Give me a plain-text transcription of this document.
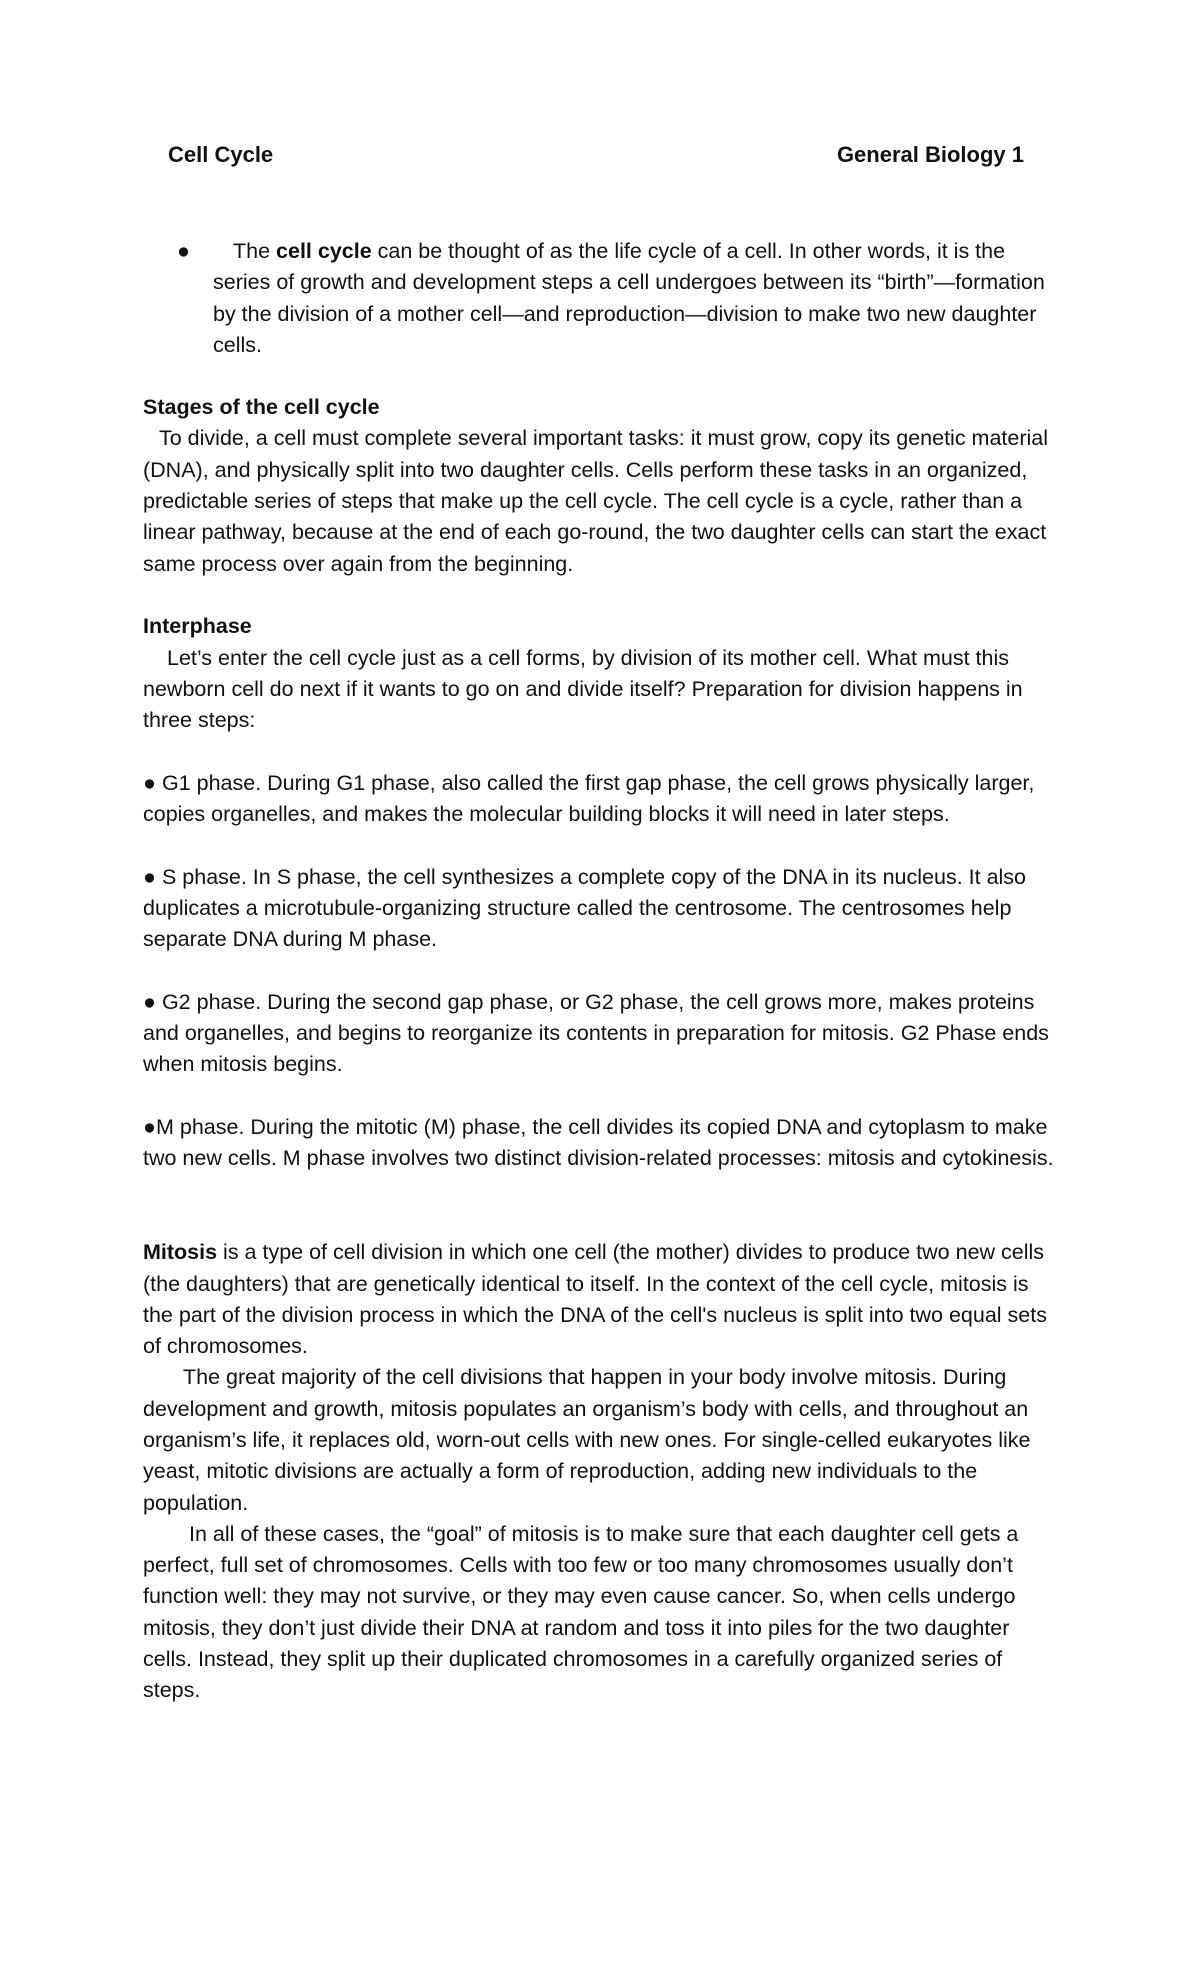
Cell Cycle	General Biology 1
●	The cell cycle can be thought of as the life cycle of a cell. In other words, it is the series of growth and development steps a cell undergoes between its “birth”—formation by the division of a mother cell—and reproduction—division to make two new daughter cells.

Stages of the cell cycle

To divide, a cell must complete several important tasks: it must grow, copy its genetic material (DNA), and physically split into two daughter cells. Cells perform these tasks in an organized, predictable series of steps that make up the cell cycle. The cell cycle is a cycle, rather than a linear pathway, because at the end of each go-round, the two daughter cells can start the exact same process over again from the beginning.

Interphase

Let’s enter the cell cycle just as a cell forms, by division of its mother cell. What must this newborn cell do next if it wants to go on and divide itself? Preparation for division happens in three steps:

● G1 phase. During G1 phase, also called the first gap phase, the cell grows physically larger, copies organelles, and makes the molecular building blocks it will need in later steps.

● S phase. In S phase, the cell synthesizes a complete copy of the DNA in its nucleus. It also duplicates a microtubule-organizing structure called the centrosome. The centrosomes help separate DNA during M phase.

● G2 phase. During the second gap phase, or G2 phase, the cell grows more, makes proteins and organelles, and begins to reorganize its contents in preparation for mitosis. G2 Phase ends when mitosis begins.

●M phase. During the mitotic (M) phase, the cell divides its copied DNA and cytoplasm to make two new cells. M phase involves two distinct division-related processes: mitosis and cytokinesis.

Mitosis is a type of cell division in which one cell (the mother) divides to produce two new cells (the daughters) that are genetically identical to itself. In the context of the cell cycle, mitosis is the part of the division process in which the DNA of the cell's nucleus is split into two equal sets of chromosomes.

The great majority of the cell divisions that happen in your body involve mitosis. During development and growth, mitosis populates an organism’s body with cells, and throughout an organism’s life, it replaces old, worn-out cells with new ones. For single-celled eukaryotes like yeast, mitotic divisions are actually a form of reproduction, adding new individuals to the population.

In all of these cases, the “goal” of mitosis is to make sure that each daughter cell gets a perfect, full set of chromosomes. Cells with too few or too many chromosomes usually don’t function well: they may not survive, or they may even cause cancer. So, when cells undergo mitosis, they don’t just divide their DNA at random and toss it into piles for the two daughter cells. Instead, they split up their duplicated chromosomes in a carefully organized series of steps.
